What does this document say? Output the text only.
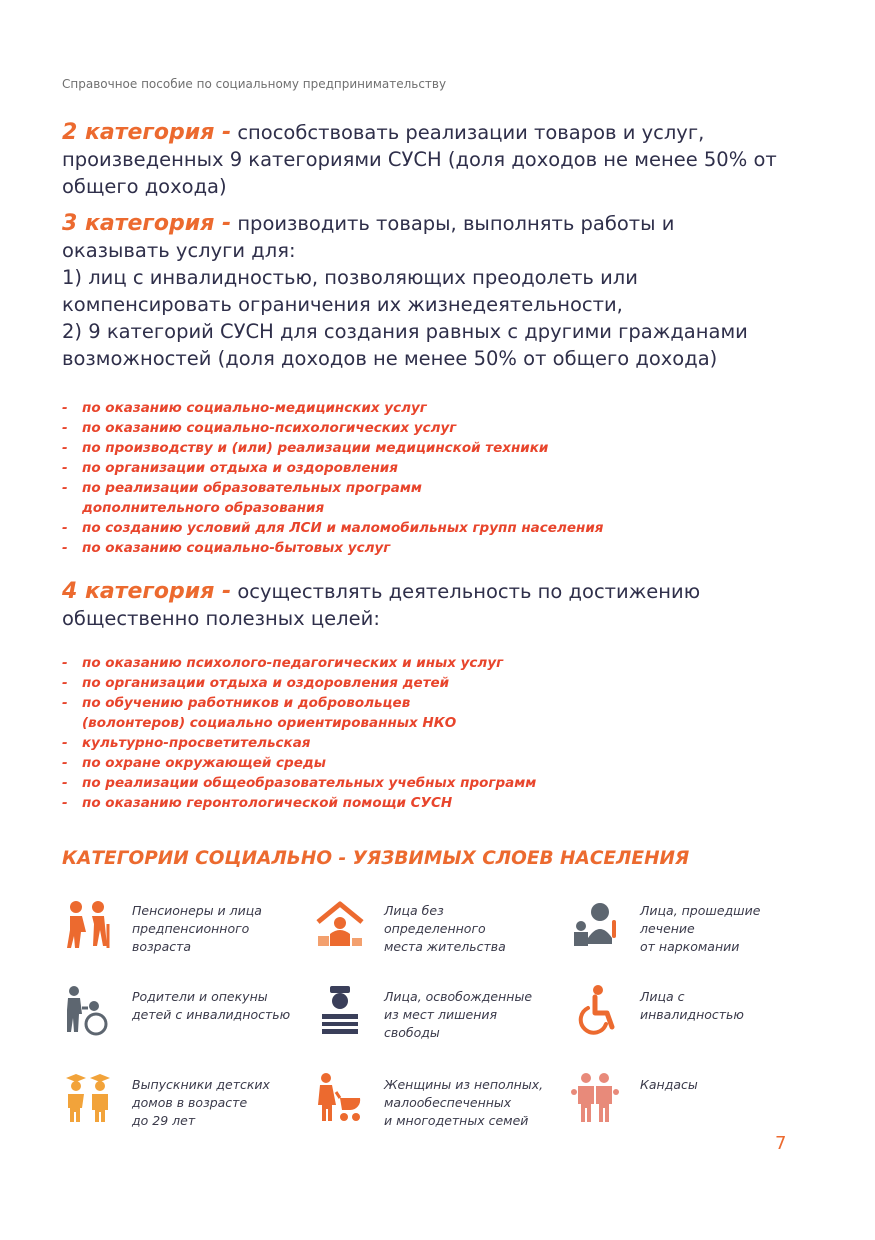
Справочное пособие по социальному предпринимательству

2 категория - способствовать реализации товаров и услуг, произведенных 9 категориями СУСН (доля доходов не менее 50% от общего дохода)

3 категория - производить товары, выполнять работы и оказывать услуги для:
1) лиц с инвалидностью, позволяющих преодолеть или компенсировать ограничения их жизнедеятельности,
2) 9 категорий СУСН для создания равных с другими гражданами возможностей (доля доходов не менее 50% от общего дохода)

- по оказанию социально-медицинских услуг
- по оказанию социально-психологических услуг
- по производству и (или) реализации медицинской техники
- по организации отдыха и оздоровления
- по реализации образовательных программ
дополнительного образования
- по созданию условий для ЛСИ и маломобильных групп населения
- по оказанию социально-бытовых услуг

4 категория - осуществлять деятельность по достижению общественно полезных целей:

- по оказанию психолого-педагогических и иных услуг
- по организации отдыха и оздоровления детей
- по обучению работников и добровольцев
(волонтеров) социально ориентированных НКО
- культурно-просветительская
- по охране окружающей среды
- по реализации общеобразовательных учебных программ
- по оказанию геронтологической помощи СУСН
КАТЕГОРИИ СОЦИАЛЬНО - УЯЗВИМЫХ СЛОЕВ НАСЕЛЕНИЯ
Пенсионеры и лица
предпенсионного
возраста
Лица без
определенного
места жительства
Лица, прошедшие
лечение
от наркомании
Родители и опекуны
детей с инвалидностью
Лица, освобожденные
из мест лишения
свободы
Лица с
инвалидностью
Выпускники детских
домов в возрасте
до 29 лет
Женщины из неполных,
малообеспеченных
и многодетных семей
Кандасы

7
